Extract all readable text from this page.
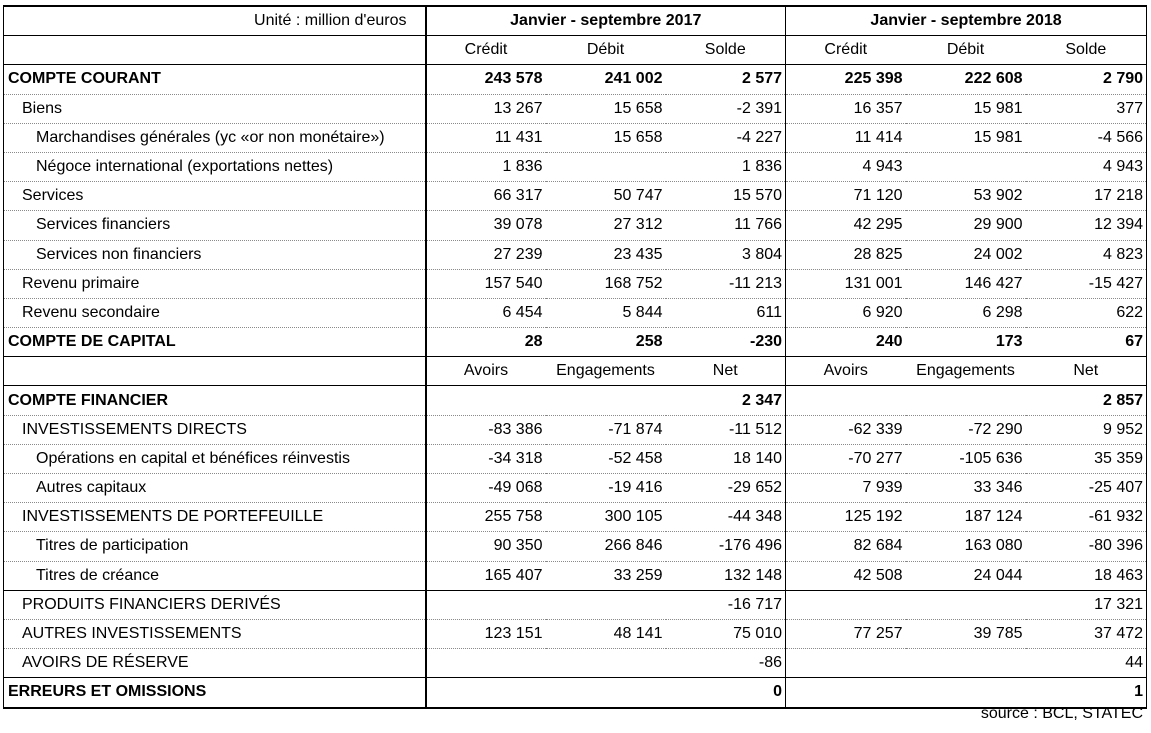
Unité : million d'euros	Janvier - septembre 2017			Janvier - septembre 2018		
	Crédit	Débit	Solde	Crédit	Débit	Solde
COMPTE COURANT	243 578	241 002	2 577	225 398	222 608	2 790
Biens	13 267	15 658	-2 391	16 357	15 981	377
Marchandises générales (yc «or non monétaire»)	11 431	15 658	-4 227	11 414	15 981	-4 566
Négoce international (exportations nettes)	1 836		1 836	4 943		4 943
Services	66 317	50 747	15 570	71 120	53 902	17 218
Services financiers	39 078	27 312	11 766	42 295	29 900	12 394
Services non financiers	27 239	23 435	3 804	28 825	24 002	4 823
Revenu primaire	157 540	168 752	-11 213	131 001	146 427	-15 427
Revenu secondaire	6 454	5 844	611	6 920	6 298	622
COMPTE DE CAPITAL	28	258	-230	240	173	67
	Avoirs	Engagements	Net	Avoirs	Engagements	Net
COMPTE FINANCIER			2 347			2 857
INVESTISSEMENTS DIRECTS	-83 386	-71 874	-11 512	-62 339	-72 290	9 952
Opérations en capital et bénéfices réinvestis	-34 318	-52 458	18 140	-70 277	-105 636	35 359
Autres capitaux	-49 068	-19 416	-29 652	7 939	33 346	-25 407
INVESTISSEMENTS DE PORTEFEUILLE	255 758	300 105	-44 348	125 192	187 124	-61 932
Titres de participation	90 350	266 846	-176 496	82 684	163 080	-80 396
Titres de créance	165 407	33 259	132 148	42 508	24 044	18 463
PRODUITS FINANCIERS DERIVÉS			-16 717			17 321
AUTRES INVESTISSEMENTS	123 151	48 141	75 010	77 257	39 785	37 472
AVOIRS DE RÉSERVE			-86			44
ERREURS ET OMISSIONS			0			1
source : BCL, STATEC
